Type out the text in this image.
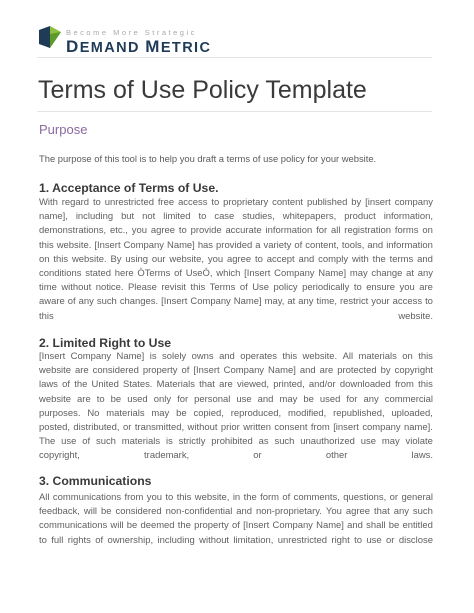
Become More Strategic
DEMAND METRIC
Terms of Use Policy Template
Purpose
The purpose of this tool is to help you draft a terms of use policy for your website.
1. Acceptance of Terms of Use.
With regard to unrestricted free access to proprietary content published by [insert company
name], including but not limited to case studies, whitepapers, product information,
demonstrations, etc., you agree to provide accurate information for all registration forms on
this website. [Insert Company Name] has provided a variety of content, tools, and information
on this website. By using our website, you agree to accept and comply with the terms and
conditions stated here ÒTerms of UseÓ, which [Insert Company Name] may change at any
time without notice. Please revisit this Terms of Use policy periodically to ensure you are
aware of any such changes. [Insert Company Name] may, at any time, restrict your access to
this website.
2. Limited Right to Use
[Insert Company Name] is solely owns and operates this website. All materials on this
website are considered property of [Insert Company Name] and are protected by copyright
laws of the United States. Materials that are viewed, printed, and/or downloaded from this
website are to be used only for personal use and may be used for any commercial
purposes. No materials may be copied, reproduced, modified, republished, uploaded,
posted, distributed, or transmitted, without prior written consent from [insert company name].
The use of such materials is strictly prohibited as such unauthorized use may violate
copyright, trademark, or other laws.
3. Communications
All communications from you to this website, in the form of comments, questions, or general
feedback, will be considered non-confidential and non-proprietary. You agree that any such
communications will be deemed the property of [Insert Company Name] and shall be entitled
to full rights of ownership, including without limitation, unrestricted right to use or disclose
